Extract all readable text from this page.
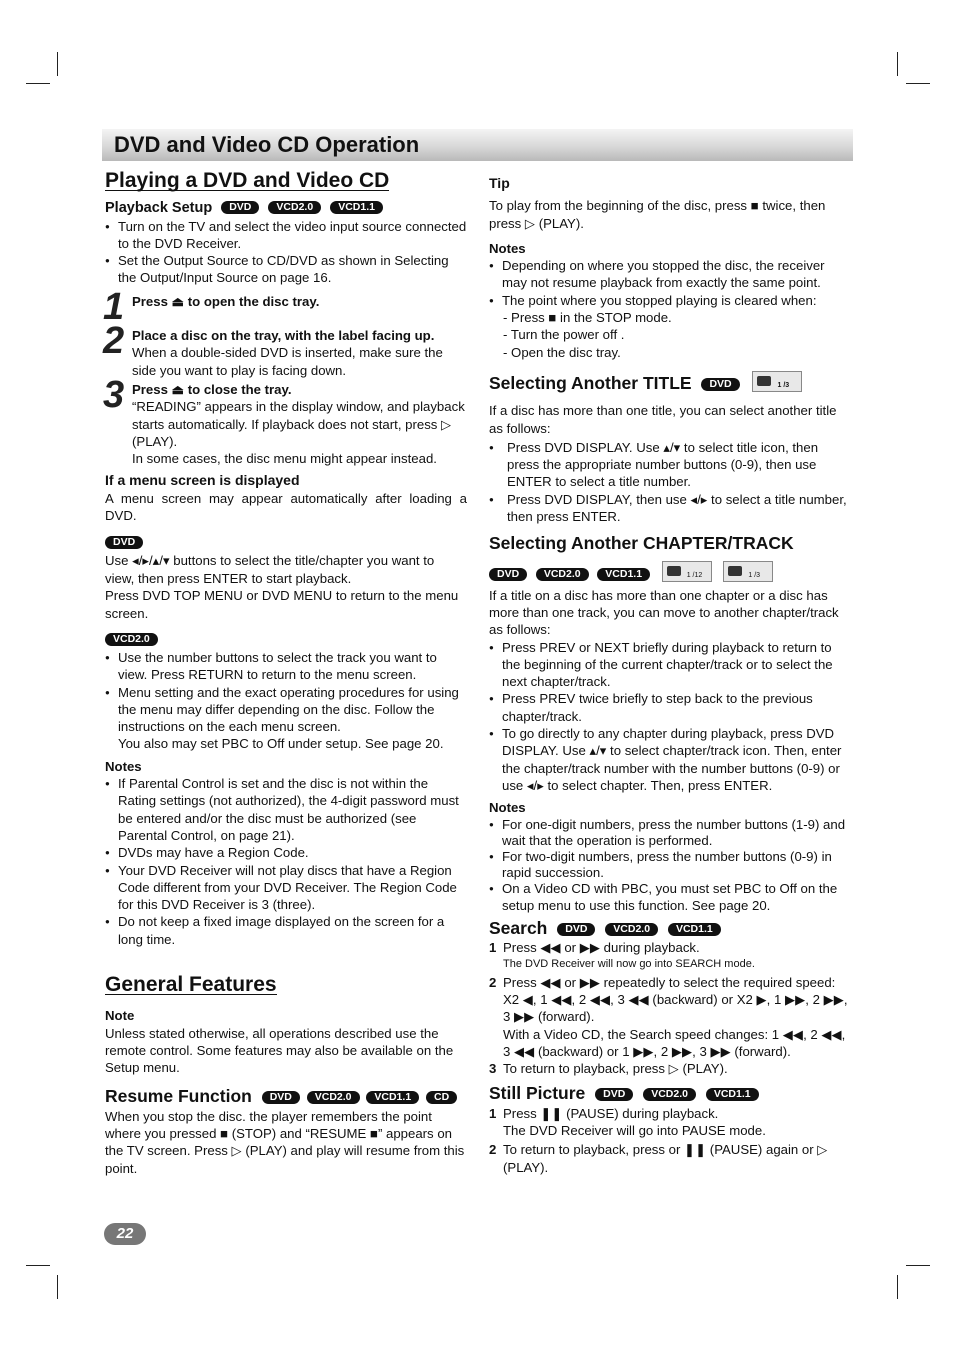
DVD and Video CD Operation
Playing a DVD and Video CD
Playback Setup DVD VCD2.0 VCD1.1
● Turn on the TV and select the video input source connected to the DVD Receiver.
● Set the Output Source to CD/DVD as shown in Selecting the Output/Input Source on page 16.
1 Press ⏏ to open the disc tray.
2 Place a disc on the tray, with the label facing up.
When a double-sided DVD is inserted, make sure the side you want to play is facing down.
3 Press ⏏ to close the tray.
“READING” appears in the display window, and playback starts automatically. If playback does not start, press ▷ (PLAY).
In some cases, the disc menu might appear instead.
If a menu screen is displayed

A menu screen may appear automatically after loading a DVD.

DVD

Use ◂/▸/▴/▾ buttons to select the title/chapter you want to view, then press ENTER to start playback.

Press DVD TOP MENU or DVD MENU to return to the menu screen.

VCD2.0
● Use the number buttons to select the track you want to view. Press RETURN to return to the menu screen.
● Menu setting and the exact operating procedures for using the menu may differ depending on the disc. Follow the instructions on the each menu screen.
You also may set PBC to Off under setup. See page 20.
Notes
● If Parental Control is set and the disc is not within the Rating settings (not authorized), the 4-digit password must be entered and/or the disc must be authorized (see Parental Control, on page 21).
● DVDs may have a Region Code.
● Your DVD Receiver will not play discs that have a Region Code different from your DVD Receiver. The Region Code for this DVD Receiver is 3 (three).
● Do not keep a fixed image displayed on the screen for a long time.
General Features
Note

Unless stated otherwise, all operations described use the remote control. Some features may also be available on the Setup menu.

Resume Function DVD VCD2.0 VCD1.1 CD

When you stop the disc. the player remembers the point where you pressed ■ (STOP) and “RESUME ■” appears on the TV screen. Press ▷ (PLAY) and play will resume from this point.

Tip

To play from the beginning of the disc, press ■ twice, then press ▷ (PLAY).

Notes
● Depending on where you stopped the disc, the receiver may not resume playback from exactly the same point.
● The point where you stopped playing is cleared when:
- Press ■ in the STOP mode.
- Turn the power off .
- Open the disc tray.
Selecting Another TITLE DVD	1 /3

If a disc has more than one title, you can select another title as follows:

● Press DVD DISPLAY. Use ▴/▾ to select title icon, then press the appropriate number buttons (0-9), then use ENTER to select a title number.
● Press DVD DISPLAY, then use ◂/▸ to select a title number, then press ENTER.
Selecting Another CHAPTER/TRACK
DVD VCD2.0 VCD1.1	1 /12
	1 /3

If a title on a disc has more than one chapter or a disc has more than one track, you can move to another chapter/track as follows:

● Press PREV or NEXT briefly during playback to return to the beginning of the current chapter/track or to select the next chapter/track.
● Press PREV twice briefly to step back to the previous chapter/track.
● To go directly to any chapter during playback, press DVD DISPLAY. Use ▴/▾ to select chapter/track icon. Then, enter the chapter/track number with the number buttons (0-9) or use ◂/▸ to select chapter. Then, press ENTER.
Notes
● For one-digit numbers, press the number buttons (1-9) and wait that the operation is performed.
● For two-digit numbers, press the number buttons (0-9) in rapid succession.
● On a Video CD with PBC, you must set PBC to Off on the setup menu to use this function. See page 20.
Search DVD VCD2.0 VCD1.1
1 Press ◀◀ or ▶▶ during playback.
The DVD Receiver will now go into SEARCH mode.
2 Press ◀◀ or ▶▶ repeatedly to select the required speed: X2 ◀, 1 ◀◀, 2 ◀◀, 3 ◀◀ (backward) or X2 ▶, 1 ▶▶, 2 ▶▶, 3 ▶▶ (forward).
With a Video CD, the Search speed changes: 1 ◀◀, 2 ◀◀, 3 ◀◀ (backward) or 1 ▶▶, 2 ▶▶, 3 ▶▶ (forward).
3 To return to playback, press ▷ (PLAY).
Still Picture DVD VCD2.0 VCD1.1
1 Press ❚❚ (PAUSE) during playback.
The DVD Receiver will go into PAUSE mode.
2 To return to playback, press or ❚❚ (PAUSE) again or ▷ (PLAY).
22
